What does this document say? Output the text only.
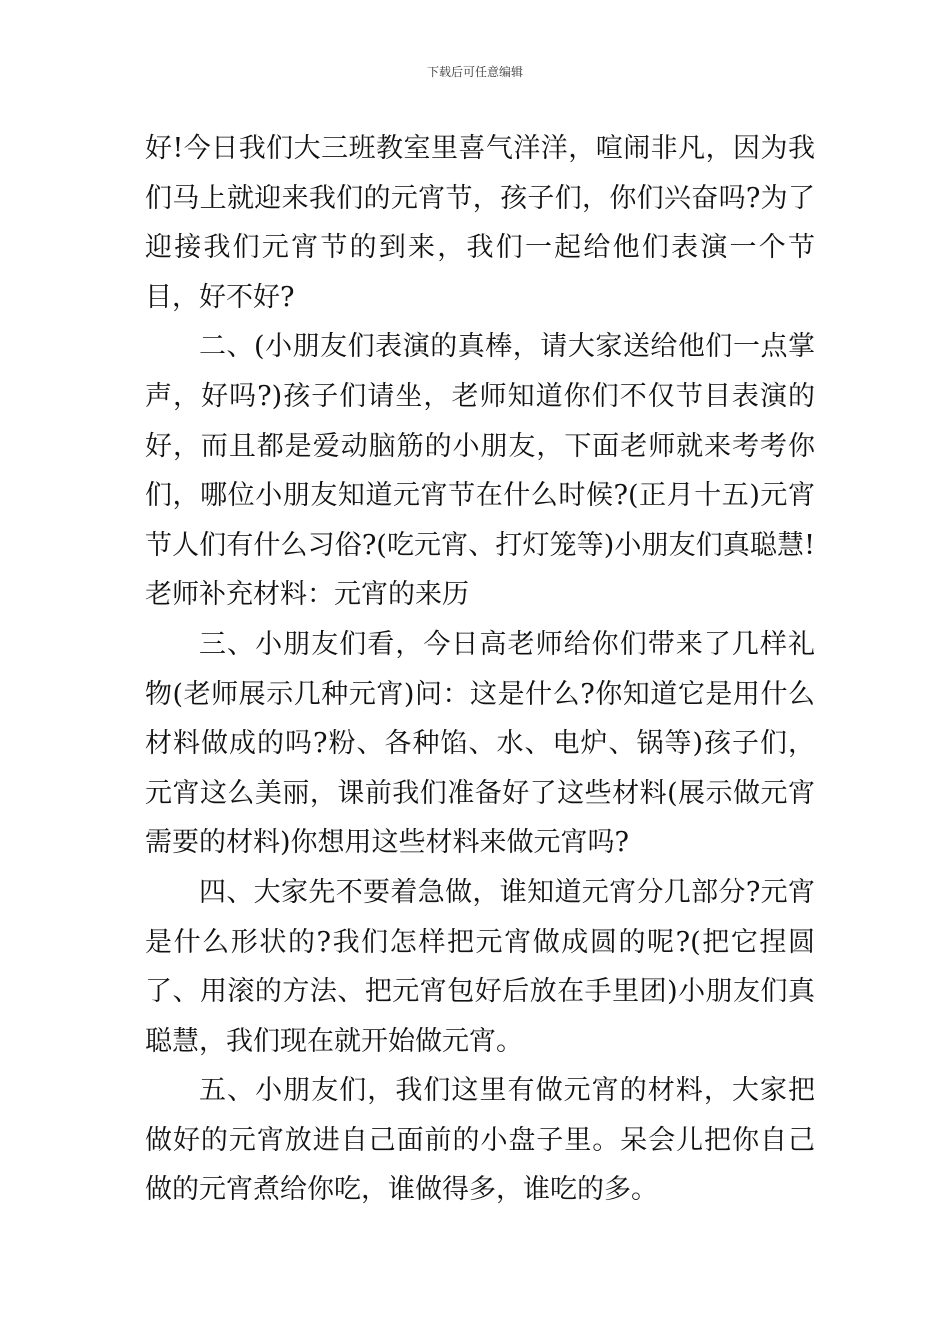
下载后可任意编辑

好!今日我们大三班教室里喜气洋洋，喧闹非凡，因为我们马上就迎来我们的元宵节，孩子们，你们兴奋吗?为了迎接我们元宵节的到来，我们一起给他们表演一个节目，好不好?

二、(小朋友们表演的真棒，请大家送给他们一点掌声，好吗?)孩子们请坐，老师知道你们不仅节目表演的好，而且都是爱动脑筋的小朋友，下面老师就来考考你们，哪位小朋友知道元宵节在什么时候?(正月十五)元宵节人们有什么习俗?(吃元宵、打灯笼等)小朋友们真聪慧!老师补充材料：元宵的来历

三、小朋友们看，今日高老师给你们带来了几样礼物(老师展示几种元宵)问：这是什么?你知道它是用什么材料做成的吗?粉、各种馅、水、电炉、锅等)孩子们，元宵这么美丽，课前我们准备好了这些材料(展示做元宵需要的材料)你想用这些材料来做元宵吗?

四、大家先不要着急做，谁知道元宵分几部分?元宵是什么形状的?我们怎样把元宵做成圆的呢?(把它捏圆了、用滚的方法、把元宵包好后放在手里团)小朋友们真聪慧，我们现在就开始做元宵。

五、小朋友们，我们这里有做元宵的材料，大家把做好的元宵放进自己面前的小盘子里。呆会儿把你自己做的元宵煮给你吃，谁做得多，谁吃的多。
